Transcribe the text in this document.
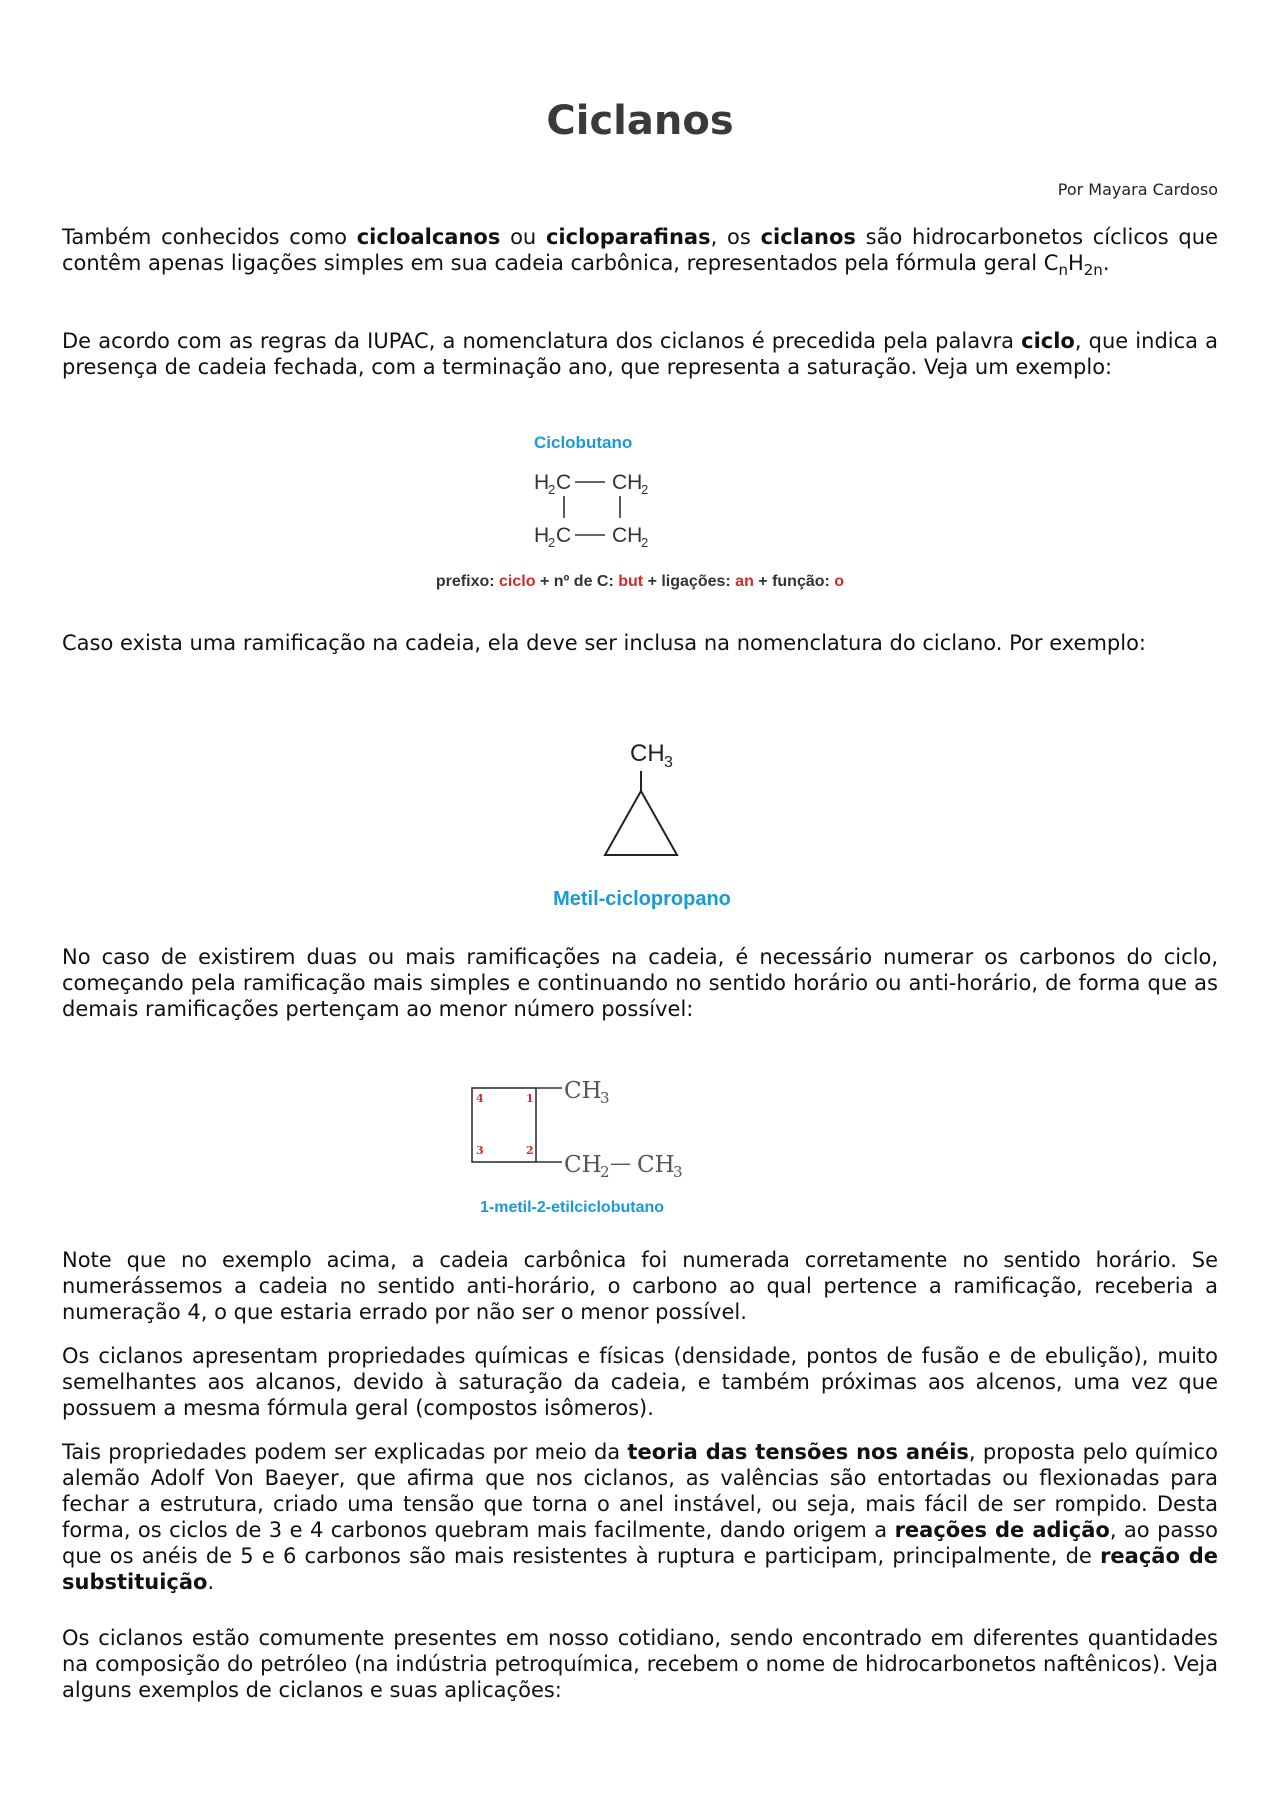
Ciclanos
Por Mayara Cardoso

Também conhecidos como cicloalcanos ou cicloparafinas, os ciclanos são hidrocarbonetos cíclicos que contêm apenas ligações simples em sua cadeia carbônica, representados pela fórmula geral $C_nH_{2n}$.

De acordo com as regras da IUPAC, a nomenclatura dos ciclanos é precedida pela palavra ciclo, que indica a presença de cadeia fechada, com a terminação ano, que representa a saturação. Veja um exemplo:

Ciclobutano
H
2 C CH
2
H
2 C CH
2
prefixo: ciclo + nº de C: but + ligações: an + função: o

Caso exista uma ramificação na cadeia, ela deve ser inclusa na nomenclatura do ciclano. Por exemplo:

CH 3
Metil-ciclopropano

No caso de existirem duas ou mais ramificações na cadeia, é necessário numerar os carbonos do ciclo, começando pela ramificação mais simples e continuando no sentido horário ou anti-horário, de forma que as demais ramificações pertençam ao menor número possível:

4	1
3	2
CH
3
CH
2 — CH
3
1-metil-2-etilciclobutano

Note que no exemplo acima, a cadeia carbônica foi numerada corretamente no sentido horário. Se numerássemos a cadeia no sentido anti-horário, o carbono ao qual pertence a ramificação, receberia a numeração 4, o que estaria errado por não ser o menor possível.

Os ciclanos apresentam propriedades químicas e físicas (densidade, pontos de fusão e de ebulição), muito semelhantes aos alcanos, devido à saturação da cadeia, e também próximas aos alcenos, uma vez que possuem a mesma fórmula geral (compostos isômeros).

Tais propriedades podem ser explicadas por meio da teoria das tensões nos anéis, proposta pelo químico alemão Adolf Von Baeyer, que afirma que nos ciclanos, as valências são entortadas ou flexionadas para fechar a estrutura, criado uma tensão que torna o anel instável, ou seja, mais fácil de ser rompido. Desta forma, os ciclos de 3 e 4 carbonos quebram mais facilmente, dando origem a reações de adição, ao passo que os anéis de 5 e 6 carbonos são mais resistentes à ruptura e participam, principalmente, de reação de substituição.

Os ciclanos estão comumente presentes em nosso cotidiano, sendo encontrado em diferentes quantidades na composição do petróleo (na indústria petroquímica, recebem o nome de hidrocarbonetos naftênicos). Veja alguns exemplos de ciclanos e suas aplicações:
